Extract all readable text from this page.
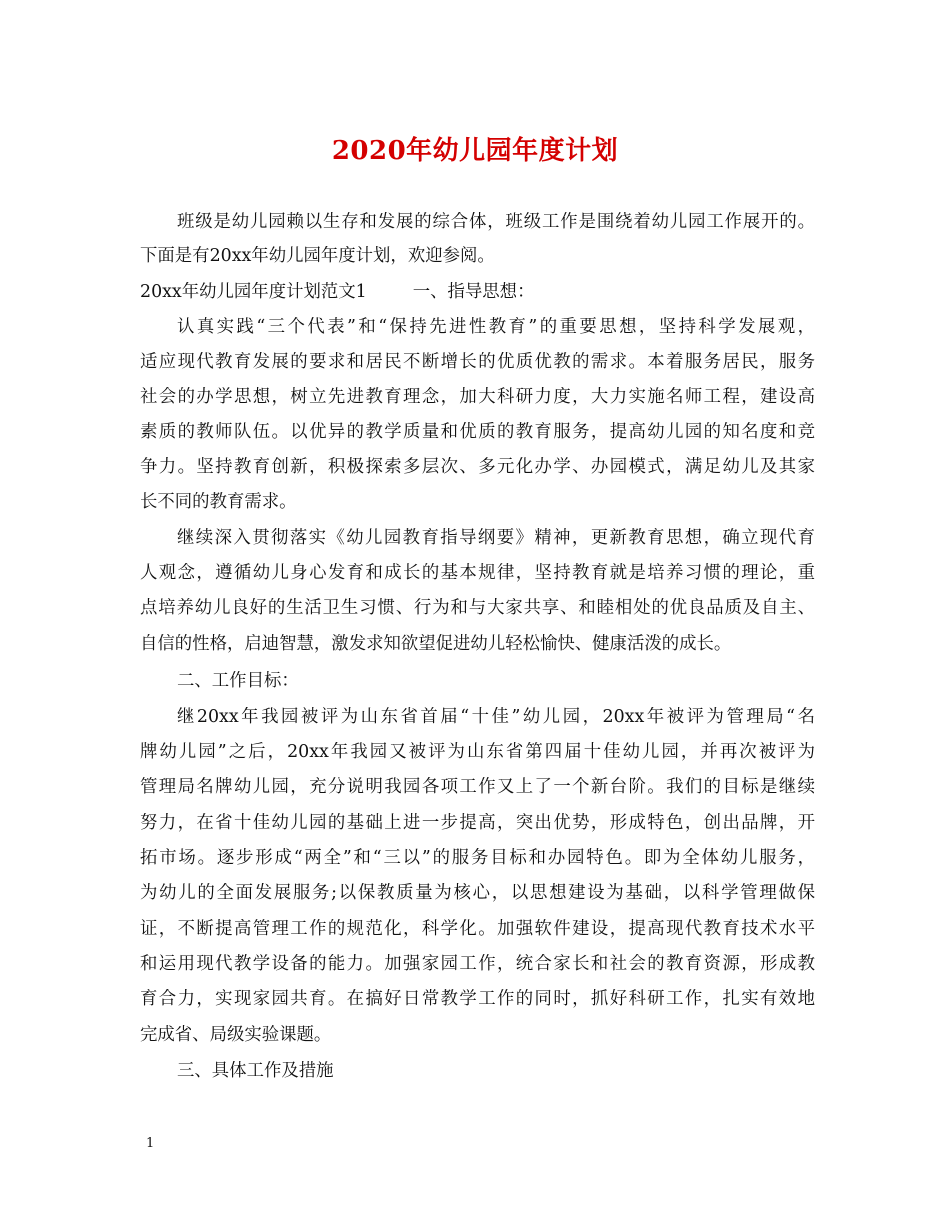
2020年幼儿园年度计划
班级是幼儿园赖以生存和发展的综合体，班级工作是围绕着幼儿园工作展开的。
下面是有20xx年幼儿园年度计划，欢迎参阅。
20xx年幼儿园年度计划范文1	一、指导思想：
认真实践“三个代表”和“保持先进性教育”的重要思想，坚持科学发展观，
适应现代教育发展的要求和居民不断增长的优质优教的需求。本着服务居民，服务
社会的办学思想，树立先进教育理念，加大科研力度，大力实施名师工程，建设高
素质的教师队伍。以优异的教学质量和优质的教育服务，提高幼儿园的知名度和竞
争力。坚持教育创新，积极探索多层次、多元化办学、办园模式，满足幼儿及其家
长不同的教育需求。
继续深入贯彻落实《幼儿园教育指导纲要》精神，更新教育思想，确立现代育
人观念，遵循幼儿身心发育和成长的基本规律，坚持教育就是培养习惯的理论，重
点培养幼儿良好的生活卫生习惯、行为和与大家共享、和睦相处的优良品质及自主、
自信的性格，启迪智慧，激发求知欲望促进幼儿轻松愉快、健康活泼的成长。
二、工作目标：
继20xx年我园被评为山东省首届“十佳”幼儿园，20xx年被评为管理局“名
牌幼儿园”之后，20xx年我园又被评为山东省第四届十佳幼儿园，并再次被评为
管理局名牌幼儿园，充分说明我园各项工作又上了一个新台阶。我们的目标是继续
努力，在省十佳幼儿园的基础上进一步提高，突出优势，形成特色，创出品牌，开
拓市场。逐步形成“两全”和“三以”的服务目标和办园特色。即为全体幼儿服务，
为幼儿的全面发展服务;以保教质量为核心，以思想建设为基础，以科学管理做保
证，不断提高管理工作的规范化，科学化。加强软件建设，提高现代教育技术水平
和运用现代教学设备的能力。加强家园工作，统合家长和社会的教育资源，形成教
育合力，实现家园共育。在搞好日常教学工作的同时，抓好科研工作，扎实有效地
完成省、局级实验课题。
三、具体工作及措施
1
